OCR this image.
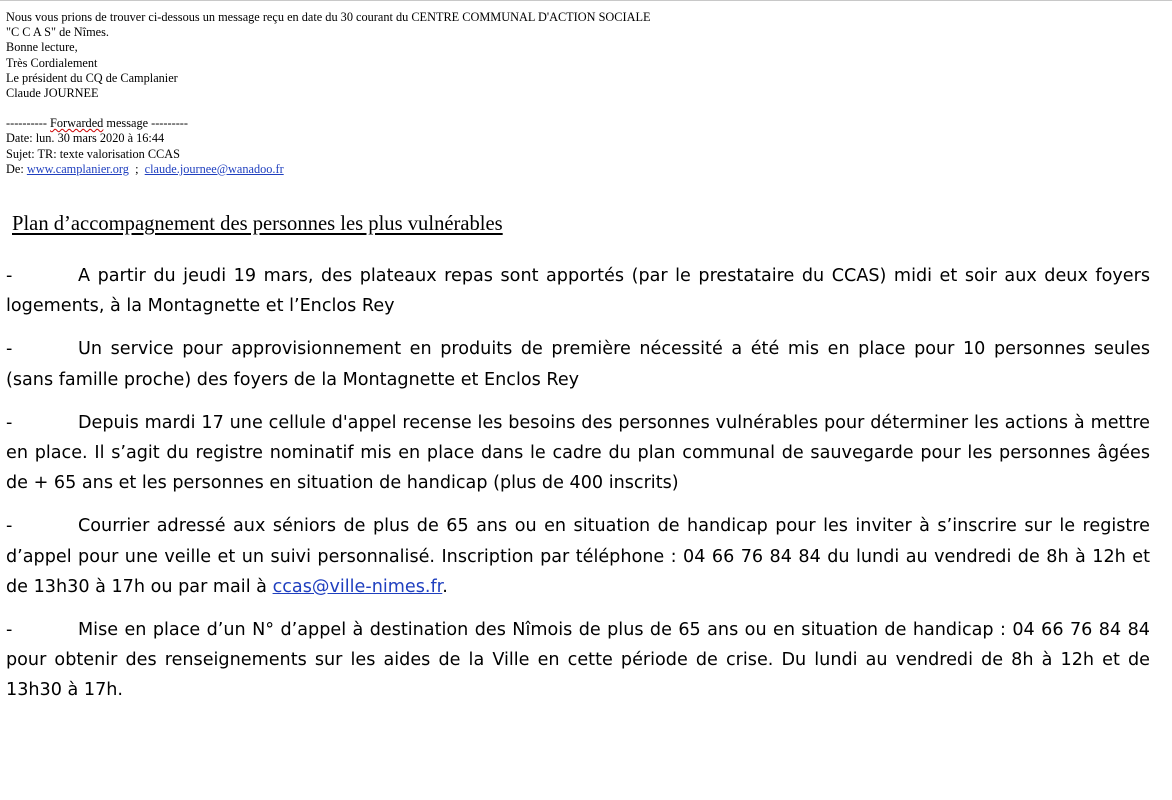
Nous vous prions de trouver ci-dessous un message reçu en date du 30 courant du CENTRE COMMUNAL D'ACTION SOCIALE
"C C A S" de Nîmes.
Bonne lecture,
Très Cordialement
Le président du CQ de Camplanier
Claude JOURNEE
---------- Forwarded message ---------
Date: lun. 30 mars 2020 à 16:44
Sujet: TR: texte valorisation CCAS
De: www.camplanier.org  ;  claude.journee@wanadoo.fr
Plan d’accompagnement des personnes les plus vulnérables

-	A partir du jeudi 19 mars, des plateaux repas sont apportés (par le prestataire du CCAS) midi et soir aux deux foyers logements, à la Montagnette et l’Enclos Rey

-	Un service pour approvisionnement en produits de première nécessité a été mis en place pour 10 personnes seules (sans famille proche) des foyers de la Montagnette et Enclos Rey

-	Depuis mardi 17 une cellule d'appel recense les besoins des personnes vulnérables pour déterminer les actions à mettre en place. Il s’agit du registre nominatif mis en place dans le cadre du plan communal de sauvegarde pour les personnes âgées de + 65 ans et les personnes en situation de handicap (plus de 400 inscrits)

-	Courrier adressé aux séniors de plus de 65 ans ou en situation de handicap pour les inviter à s’inscrire sur le registre d’appel pour une veille et un suivi personnalisé. Inscription par téléphone : 04 66 76 84 84 du lundi au vendredi de 8h à 12h et de 13h30 à 17h ou par mail à ccas@ville-nimes.fr.

-	Mise en place d’un N° d’appel à destination des Nîmois de plus de 65 ans ou en situation de handicap : 04 66 76 84 84 pour obtenir des renseignements sur les aides de la Ville en cette période de crise. Du lundi au vendredi de 8h à 12h et de 13h30 à 17h.
